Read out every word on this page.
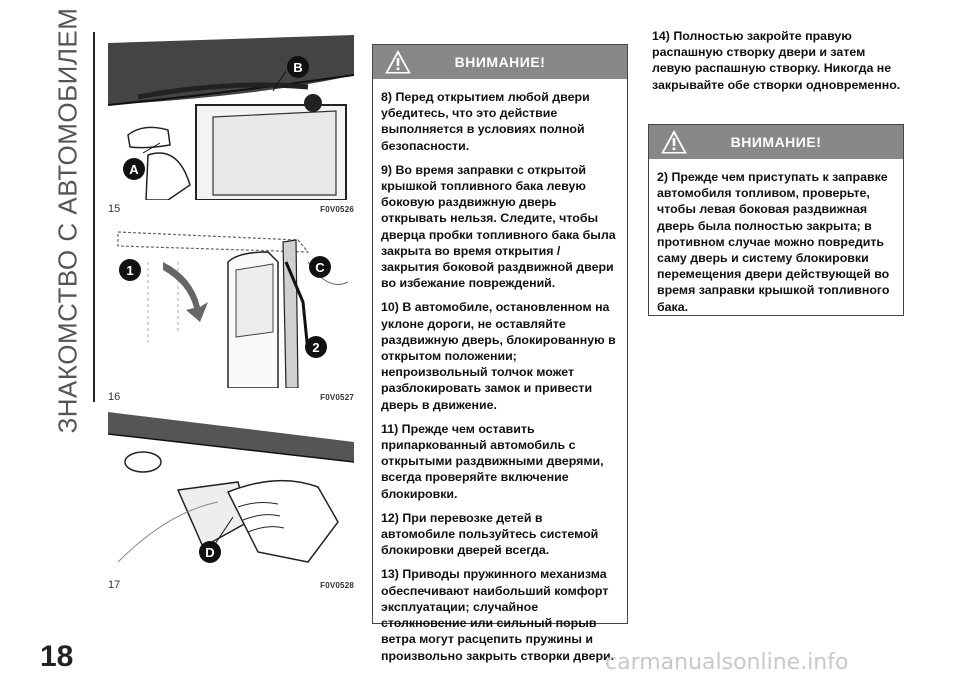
ЗНАКОМСТВО С АВТОМОБИЛЕМ	A
B
15	F0V0526
1
2
C
16	F0V0527
D
17	F0V0528
ВНИМАНИЕ!

8) Перед открытием любой двери убедитесь, что это действие выполняется в условиях полной безопасности.

9) Во время заправки с открытой крышкой топливного бака левую боковую раздвижную дверь открывать нельзя. Следите, чтобы дверца пробки топливного бака была закрыта во время открытия / закрытия боковой раздвижной двери во избежание повреждений.

10) В автомобиле, остановленном на уклоне дороги, не оставляйте раздвижную дверь, блокированную в открытом положении; непроизвольный толчок может разблокировать замок и привести дверь в движение.

11) Прежде чем оставить припаркованный автомобиль с открытыми раздвижными дверями, всегда проверяйте включение блокировки.

12) При перевозке детей в автомобиле пользуйтесь системой блокировки дверей всегда.

13) Приводы пружинного механизма обеспечивают наибольший комфорт эксплуатации; случайное столкновение или сильный порыв ветра могут расцепить пружины и произвольно закрыть створки двери.

14) Полностью закройте правую распашную створку двери и затем левую распашную створку. Никогда не закрывайте обе створки одновременно.

ВНИМАНИЕ!

2) Прежде чем приступать к заправке автомобиля топливом, проверьте, чтобы левая боковая раздвижная дверь была полностью закрыта; в противном случае можно повредить саму дверь и систему блокировки перемещения двери действующей во время заправки крышкой топливного бака.

18	carmanualsonline.info
